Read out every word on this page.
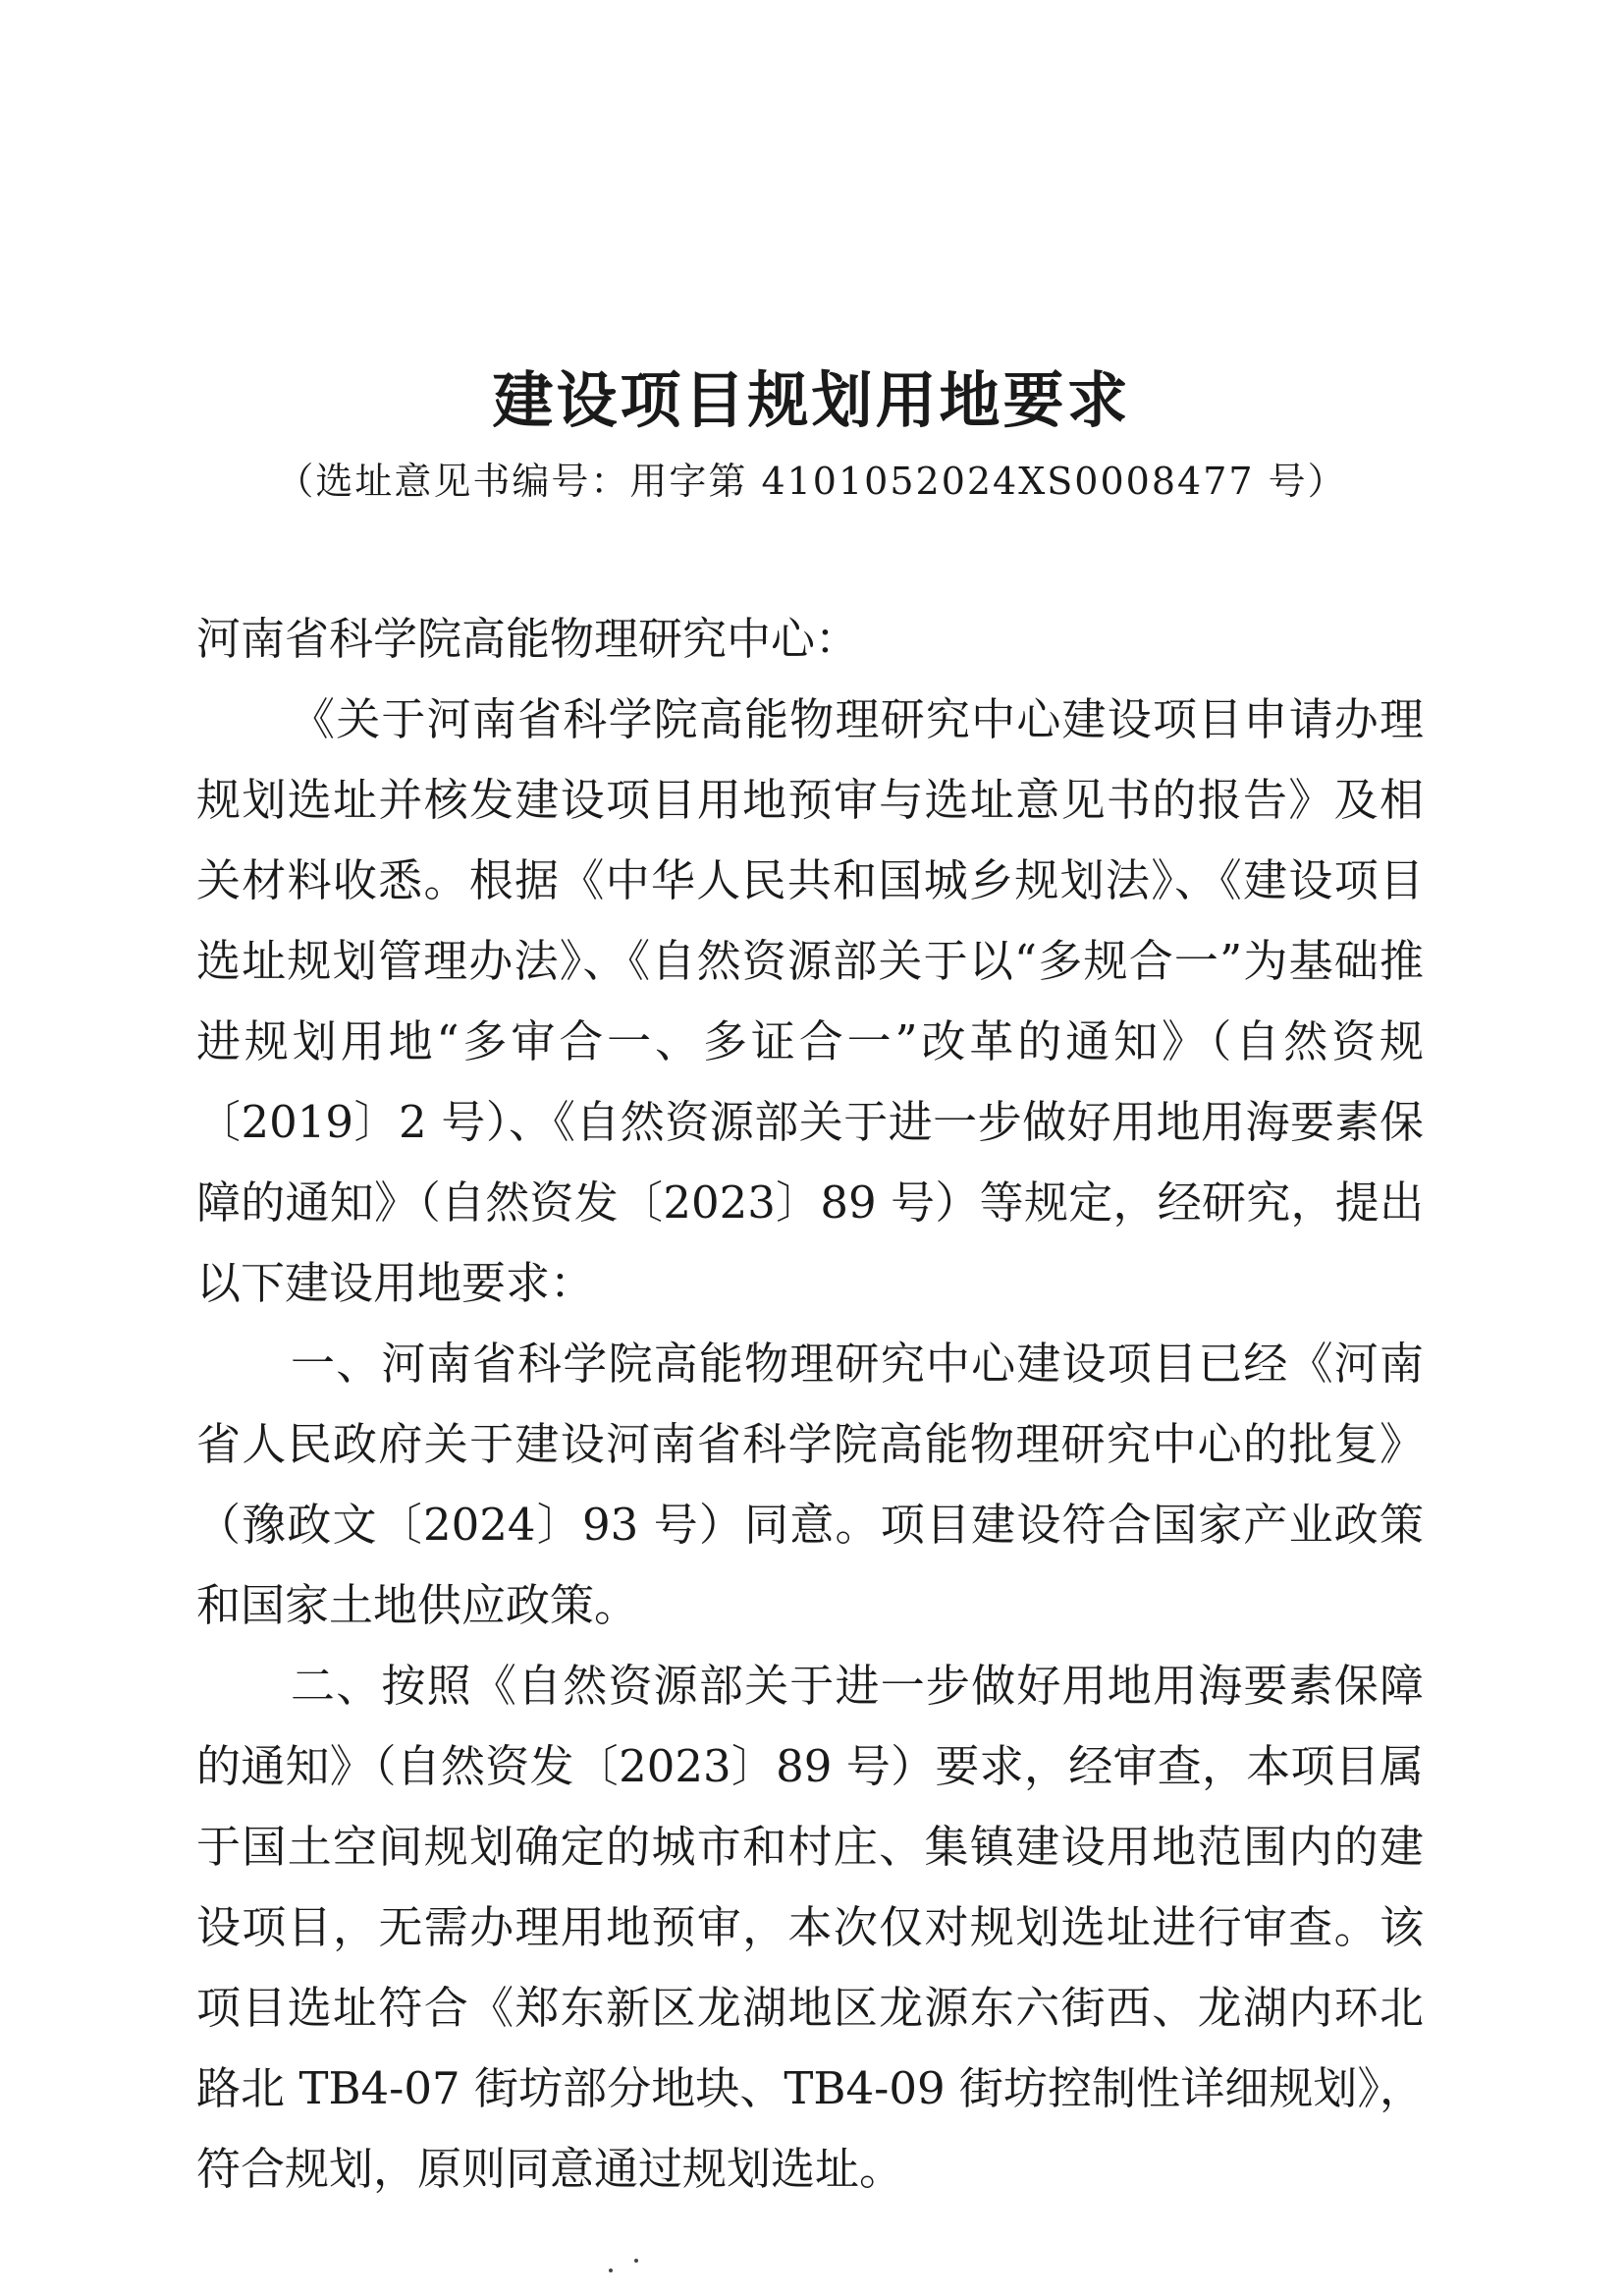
建设项目规划用地要求
（选址意见书编号：用字第 4101052024XS0008477 号）

河南省科学院高能物理研究中心：

《关于河南省科学院高能物理研究中心建设项目申请办理规划选址并核发建设项目用地预审与选址意见书的报告》及相关材料收悉。根据《中华人民共和国城乡规划法》、《建设项目选址规划管理办法》、《自然资源部关于以“多规合一”为基础推进规划用地“多审合一、多证合一”改革的通知》（自然资规〔2019〕2 号）、《自然资源部关于进一步做好用地用海要素保障的通知》（自然资发〔2023〕89 号）等规定，经研究，提出以下建设用地要求：

一、河南省科学院高能物理研究中心建设项目已经《河南省人民政府关于建设河南省科学院高能物理研究中心的批复》（豫政文〔2024〕93 号）同意。项目建设符合国家产业政策和国家土地供应政策。

二、按照《自然资源部关于进一步做好用地用海要素保障的通知》（自然资发〔2023〕89 号）要求，经审查，本项目属于国土空间规划确定的城市和村庄、集镇建设用地范围内的建设项目，无需办理用地预审，本次仅对规划选址进行审查。该项目选址符合《郑东新区龙湖地区龙源东六街西、龙湖内环北路北 TB4-07 街坊部分地块、TB4-09 街坊控制性详细规划》，符合规划，原则同意通过规划选址。
